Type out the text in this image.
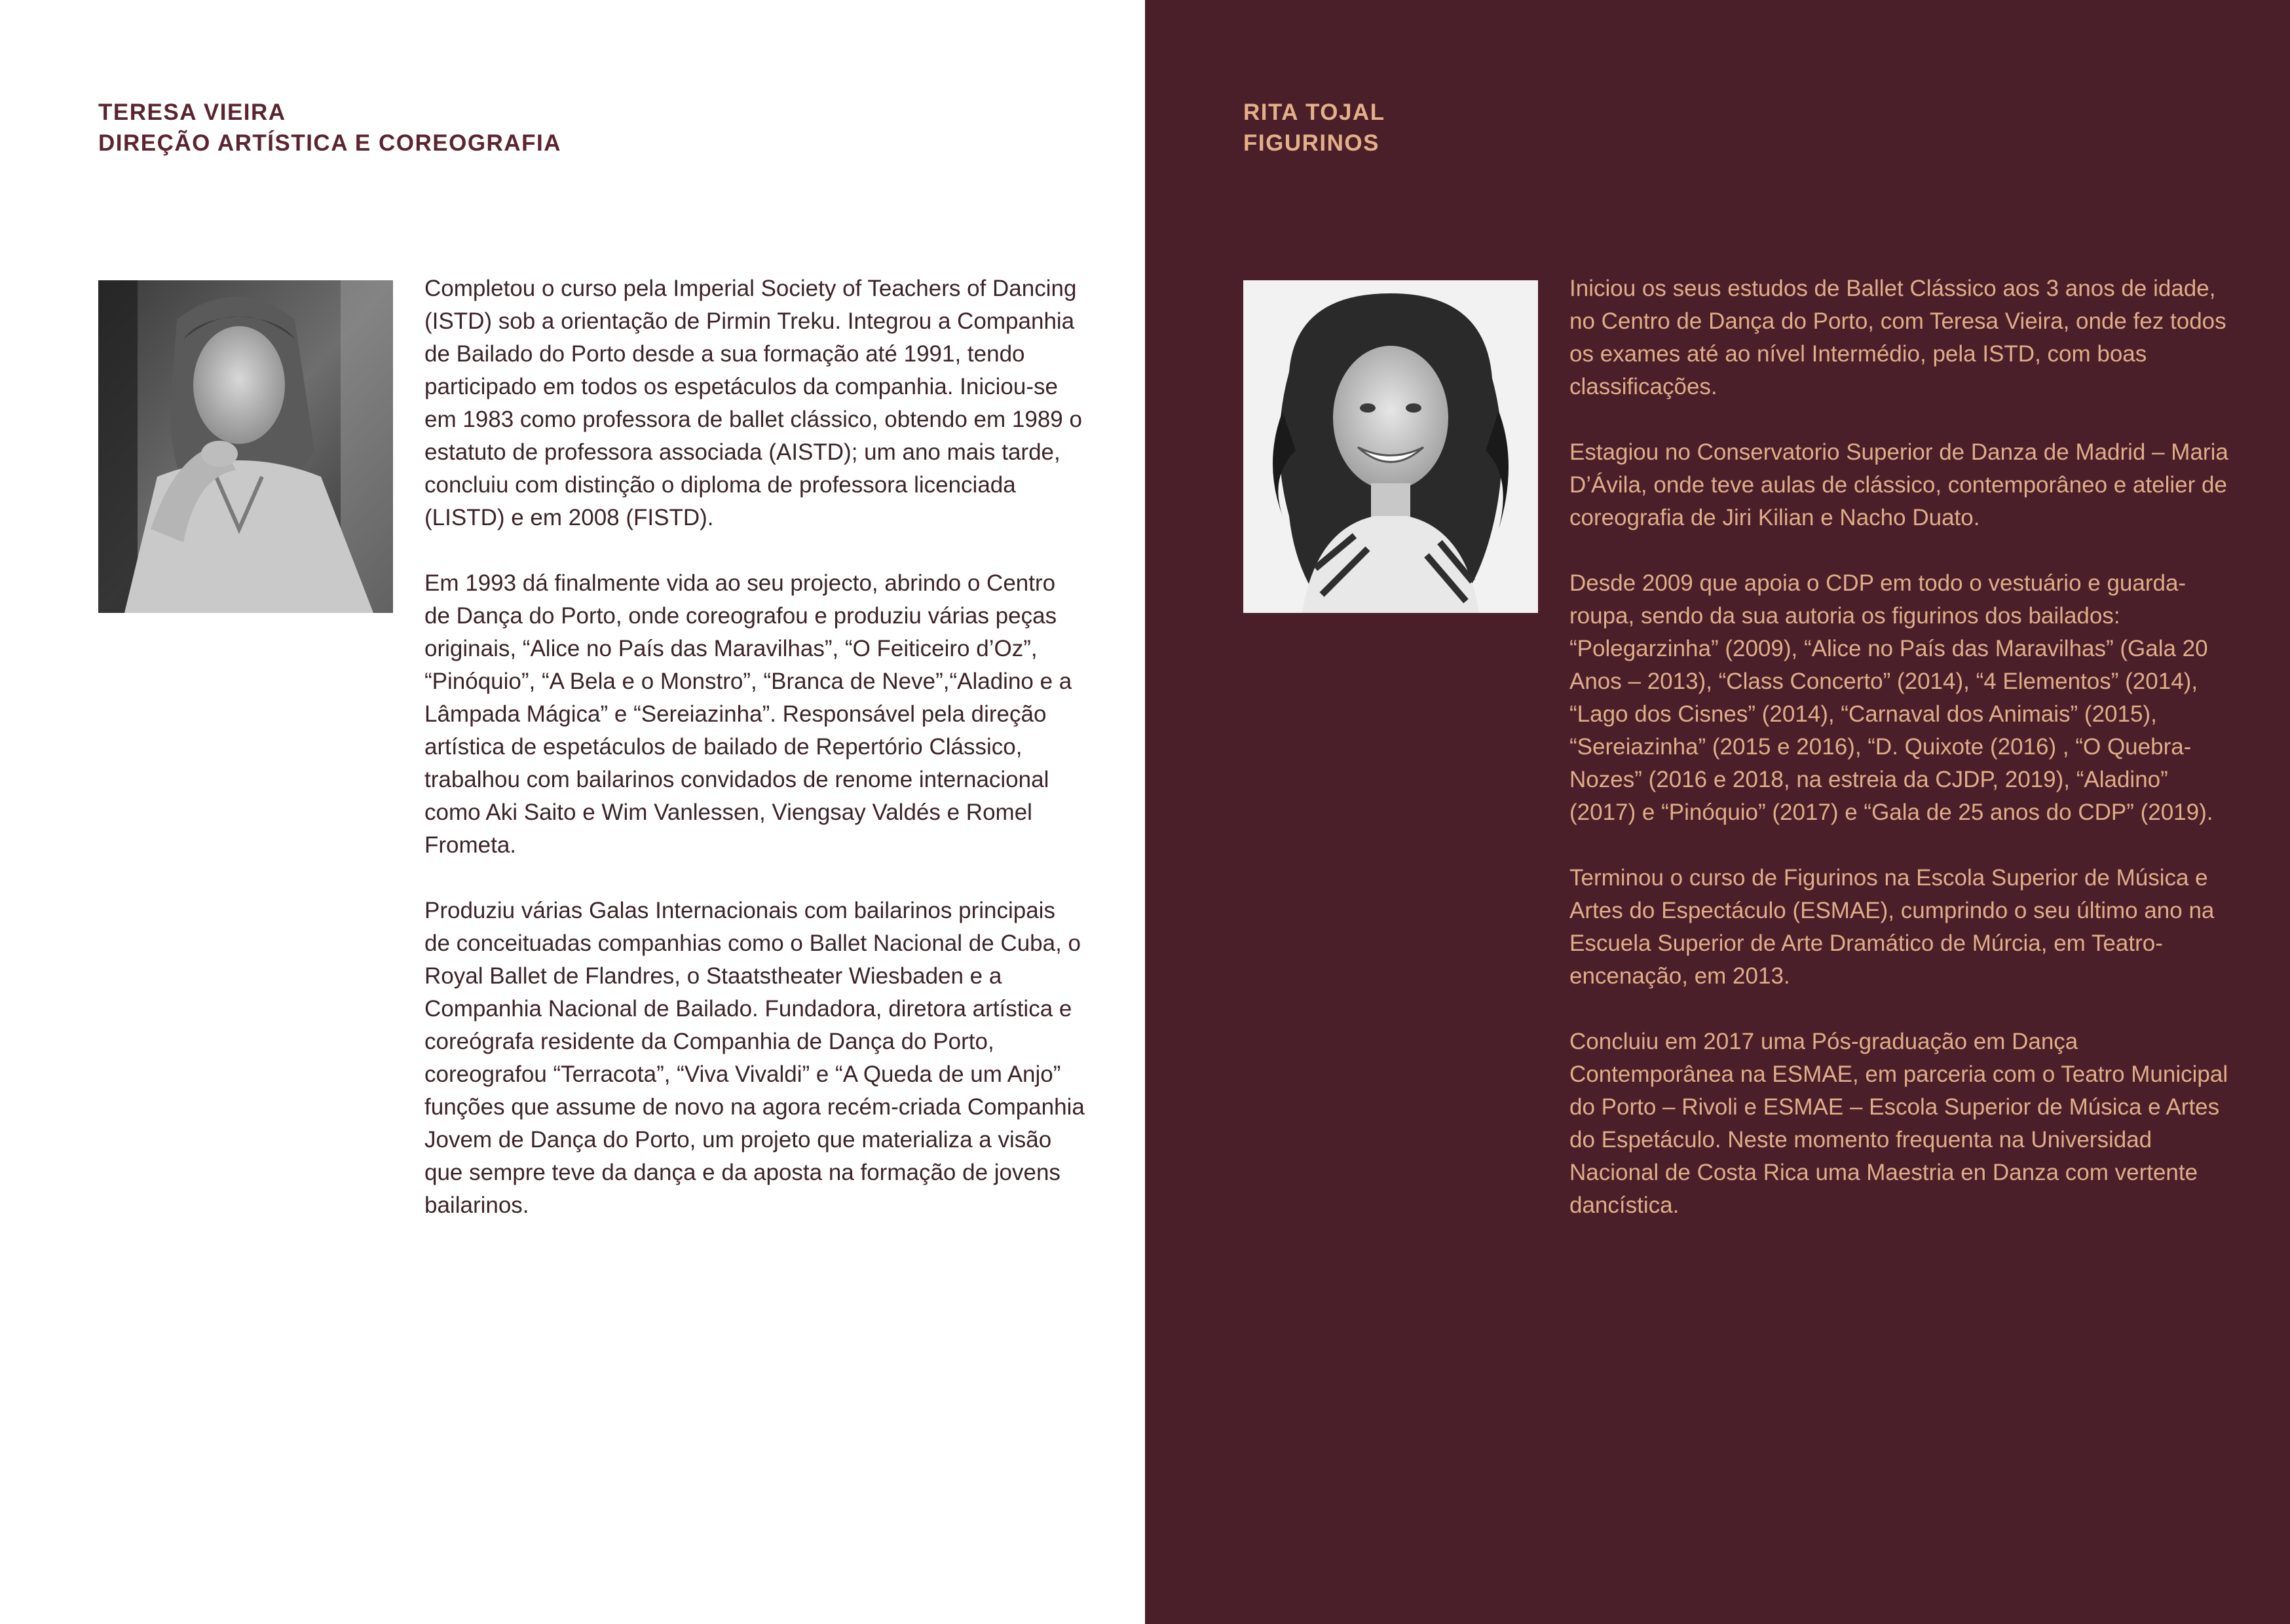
TERESA VIEIRA
DIREÇÃO ARTÍSTICA E COREOGRAFIA

Completou o curso pela Imperial Society of Teachers of Dancing (ISTD) sob a orientação de Pirmin Treku. Integrou a Companhia de Bailado do Porto desde a sua formação até 1991, tendo participado em todos os espetáculos da companhia. Iniciou-se em 1983 como professora de ballet clássico, obtendo em 1989 o estatuto de professora associada (AISTD); um ano mais tarde, concluiu com distinção o diploma de professora licenciada (LISTD) e em 2008 (FISTD).

Em 1993 dá finalmente vida ao seu projecto, abrindo o Centro de Dança do Porto, onde coreografou e produziu várias peças originais, “Alice no País das Maravilhas”, “O Feiticeiro d’Oz”, “Pinóquio”, “A Bela e o Monstro”, “Branca de Neve”,“Aladino e a Lâmpada Mágica” e “Sereiazinha”. Responsável pela direção artística de espetáculos de bailado de Repertório Clássico, trabalhou com bailarinos convidados de renome internacional como Aki Saito e Wim Vanlessen, Viengsay Valdés e Romel Frometa.

Produziu várias Galas Internacionais com bailarinos principais de conceituadas companhias como o Ballet Nacional de Cuba, o Royal Ballet de Flandres, o Staatstheater Wiesbaden e a Companhia Nacional de Bailado. Fundadora, diretora artística e coreógrafa residente da Companhia de Dança do Porto, coreografou “Terracota”, “Viva Vivaldi” e “A Queda de um Anjo” funções que assume de novo na agora recém-criada Companhia Jovem de Dança do Porto, um projeto que materializa a visão que sempre teve da dança e da aposta na formação de jovens bailarinos.

RITA TOJAL
FIGURINOS

Iniciou os seus estudos de Ballet Clássico aos 3 anos de idade, no Centro de Dança do Porto, com Teresa Vieira, onde fez todos os exames até ao nível Intermédio, pela ISTD, com boas classificações.

Estagiou no Conservatorio Superior de Danza de Madrid – Maria D’Ávila, onde teve aulas de clássico, contemporâneo e atelier de coreografia de Jiri Kilian e Nacho Duato.

Desde 2009 que apoia o CDP em todo o vestuário e guarda-roupa, sendo da sua autoria os figurinos dos bailados: “Polegarzinha” (2009), “Alice no País das Maravilhas” (Gala 20 Anos – 2013), “Class Concerto” (2014), “4 Elementos” (2014), “Lago dos Cisnes” (2014), “Carnaval dos Animais” (2015), “Sereiazinha” (2015 e 2016), “D. Quixote (2016) , “O Quebra-Nozes” (2016 e 2018, na estreia da CJDP, 2019), “Aladino” (2017) e “Pinóquio” (2017) e “Gala de 25 anos do CDP” (2019).

Terminou o curso de Figurinos na Escola Superior de Música e Artes do Espectáculo (ESMAE), cumprindo o seu último ano na Escuela Superior de Arte Dramático de Múrcia, em Teatro-encenação, em 2013.

Concluiu em 2017 uma Pós-graduação em Dança Contemporânea na ESMAE, em parceria com o Teatro Municipal do Porto – Rivoli e ESMAE – Escola Superior de Música e Artes do Espetáculo. Neste momento frequenta na Universidad Nacional de Costa Rica uma Maestria en Danza com vertente dancística.
